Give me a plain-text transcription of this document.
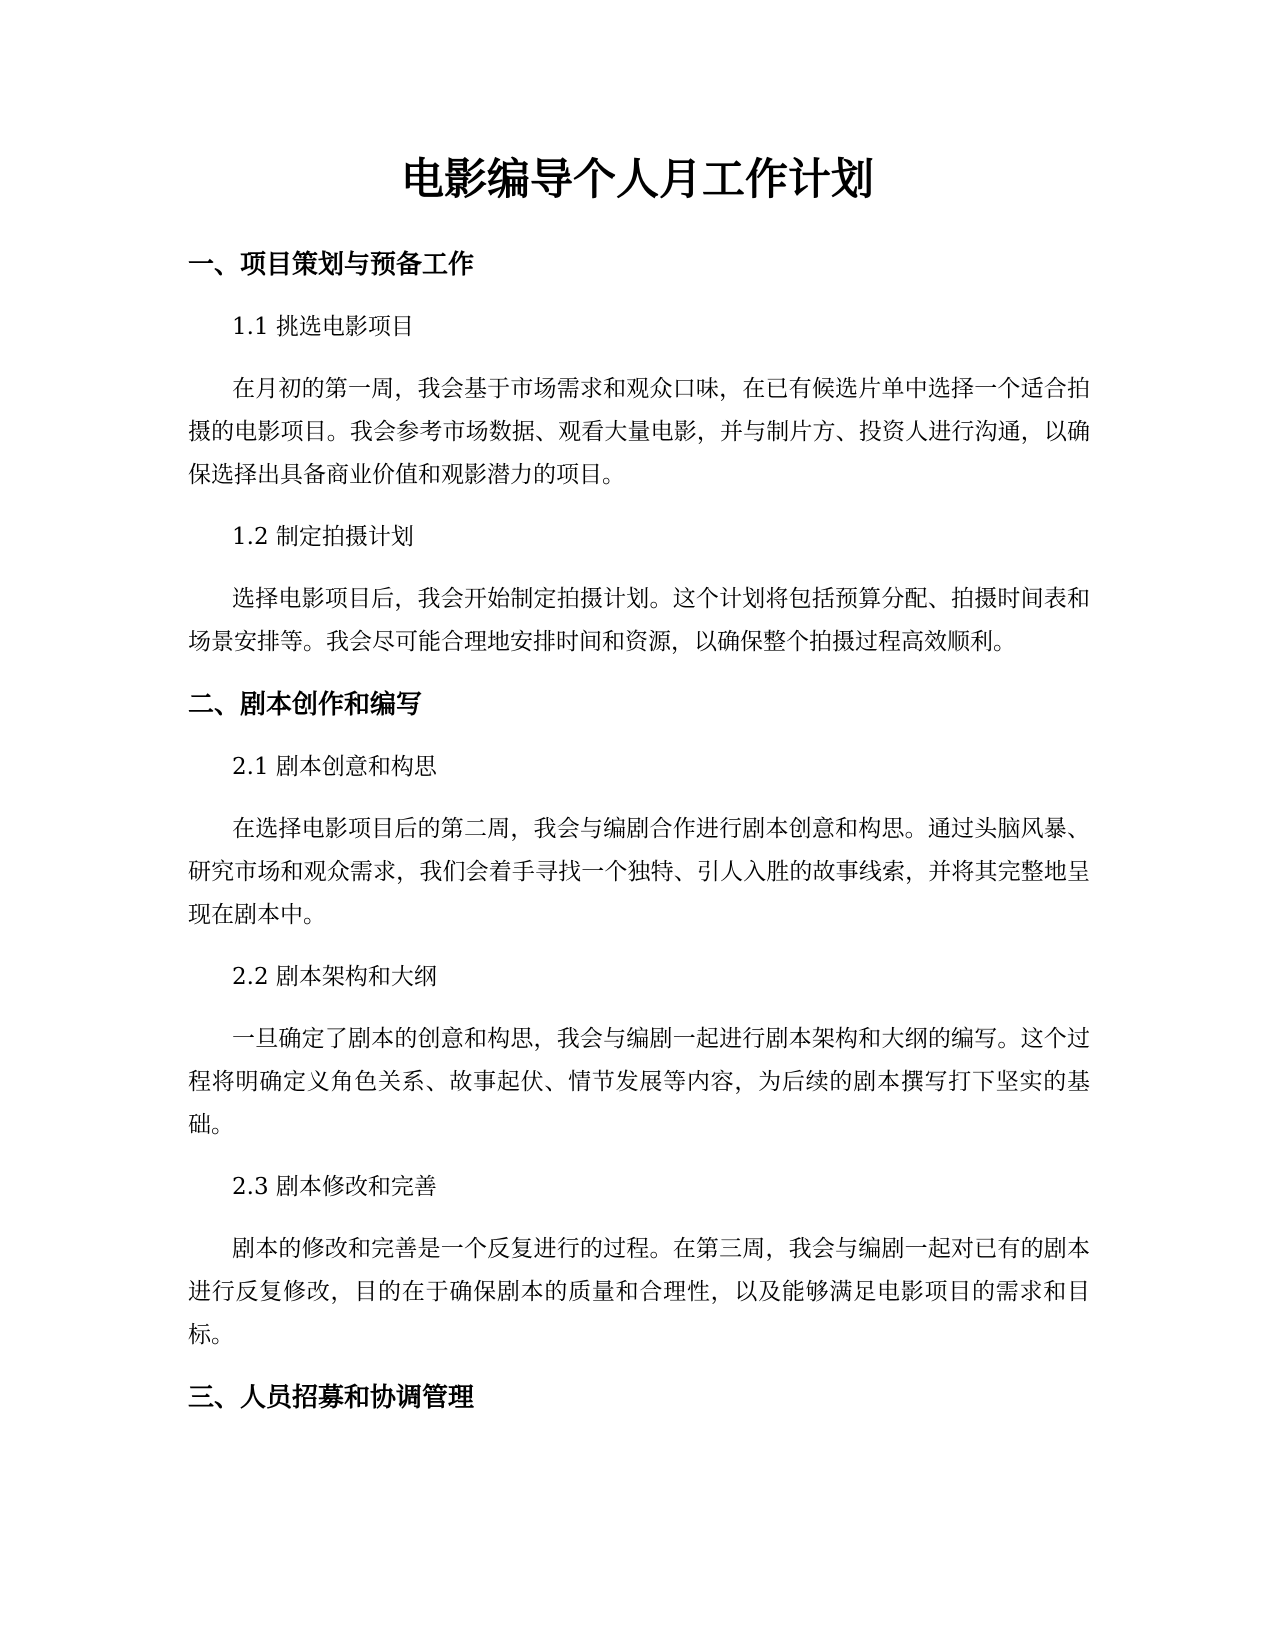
电影编导个人月工作计划
一、项目策划与预备工作
1.1 挑选电影项目
在月初的第一周，我会基于市场需求和观众口味，在已有候选片单中选择一个适合拍摄的电影项目。我会参考市场数据、观看大量电影，并与制片方、投资人进行沟通，以确保选择出具备商业价值和观影潜力的项目。
1.2 制定拍摄计划
选择电影项目后，我会开始制定拍摄计划。这个计划将包括预算分配、拍摄时间表和场景安排等。我会尽可能合理地安排时间和资源，以确保整个拍摄过程高效顺利。
二、剧本创作和编写
2.1 剧本创意和构思
在选择电影项目后的第二周，我会与编剧合作进行剧本创意和构思。通过头脑风暴、研究市场和观众需求，我们会着手寻找一个独特、引人入胜的故事线索，并将其完整地呈现在剧本中。
2.2 剧本架构和大纲
一旦确定了剧本的创意和构思，我会与编剧一起进行剧本架构和大纲的编写。这个过程将明确定义角色关系、故事起伏、情节发展等内容，为后续的剧本撰写打下坚实的基础。
2.3 剧本修改和完善
剧本的修改和完善是一个反复进行的过程。在第三周，我会与编剧一起对已有的剧本进行反复修改，目的在于确保剧本的质量和合理性，以及能够满足电影项目的需求和目标。
三、人员招募和协调管理
